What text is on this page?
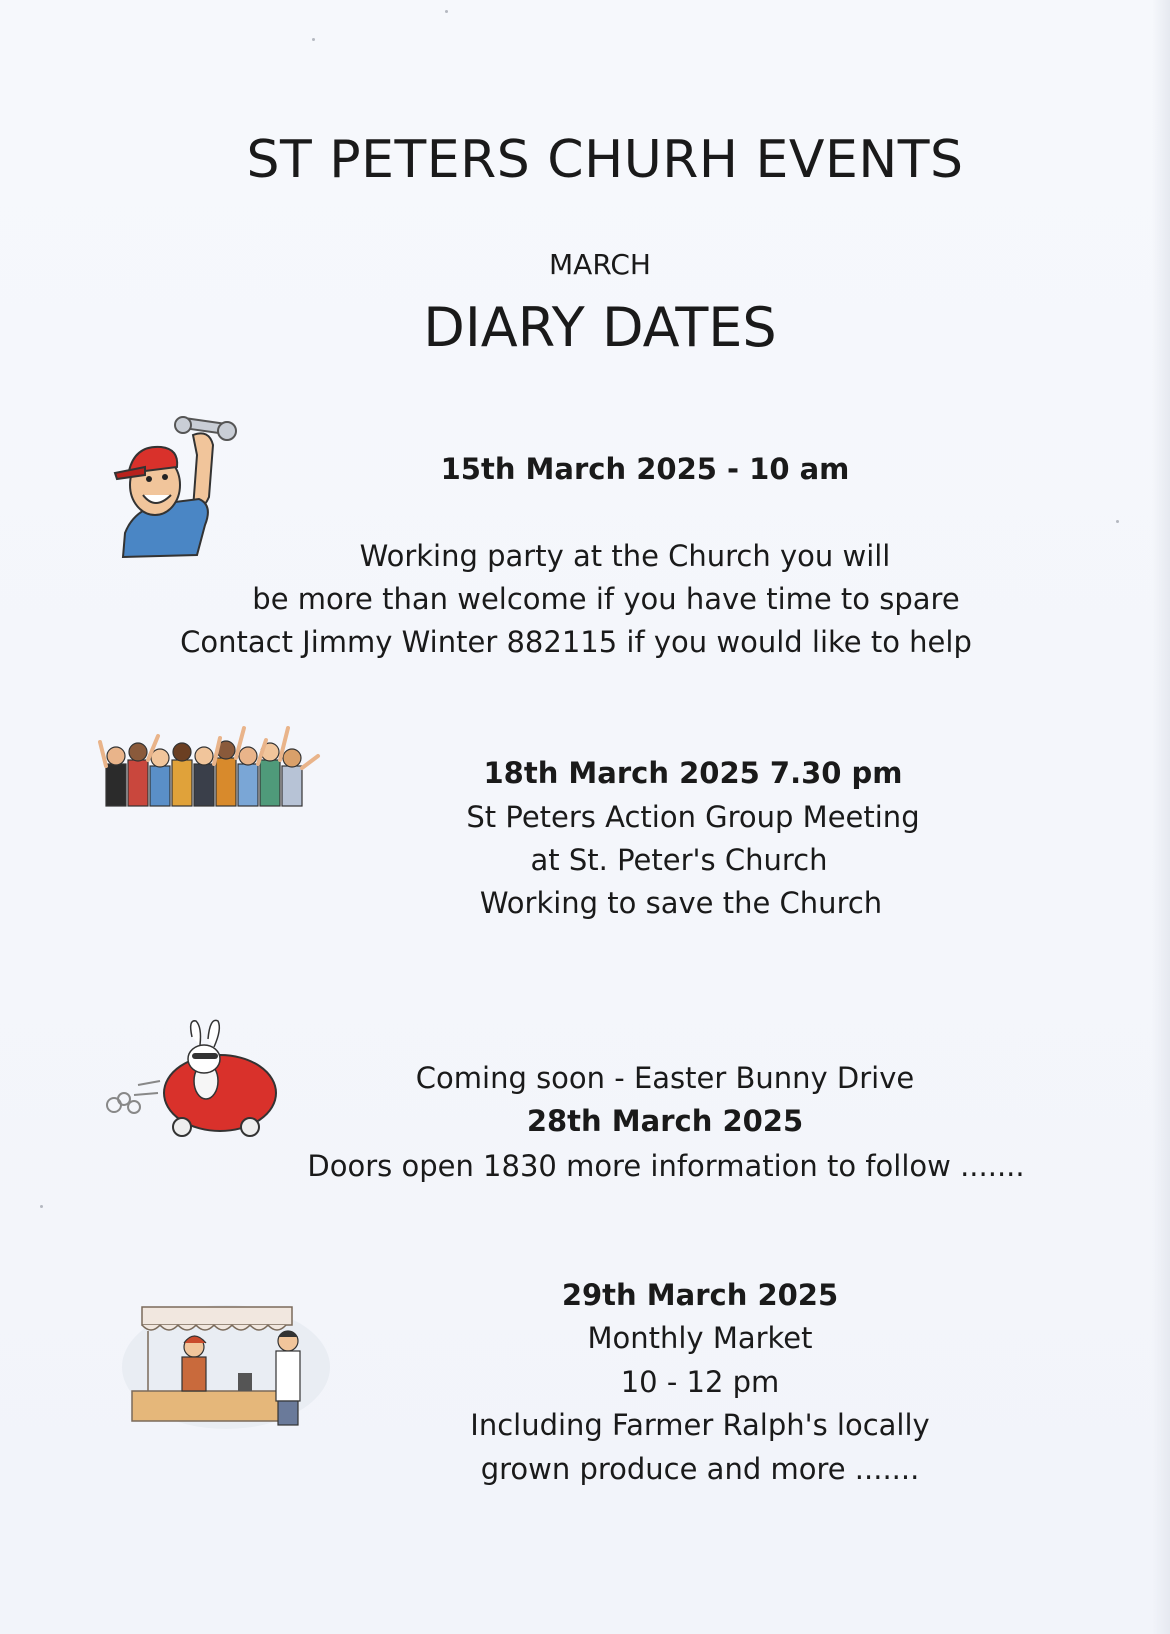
ST PETERS CHURH EVENTS
MARCH
DIARY DATES
15th March 2025 - 10 am
Working party at the Church you will
be more than welcome if you have time to spare
Contact Jimmy Winter 882115 if you would like to help
18th March 2025 7.30 pm
St Peters Action Group Meeting
at St. Peter's Church
Working to save the Church
Coming soon - Easter Bunny Drive
28th March 2025
Doors open 1830 more information to follow .......
29th March 2025
Monthly Market
10 - 12 pm
Including Farmer Ralph's locally
grown produce and more .......
